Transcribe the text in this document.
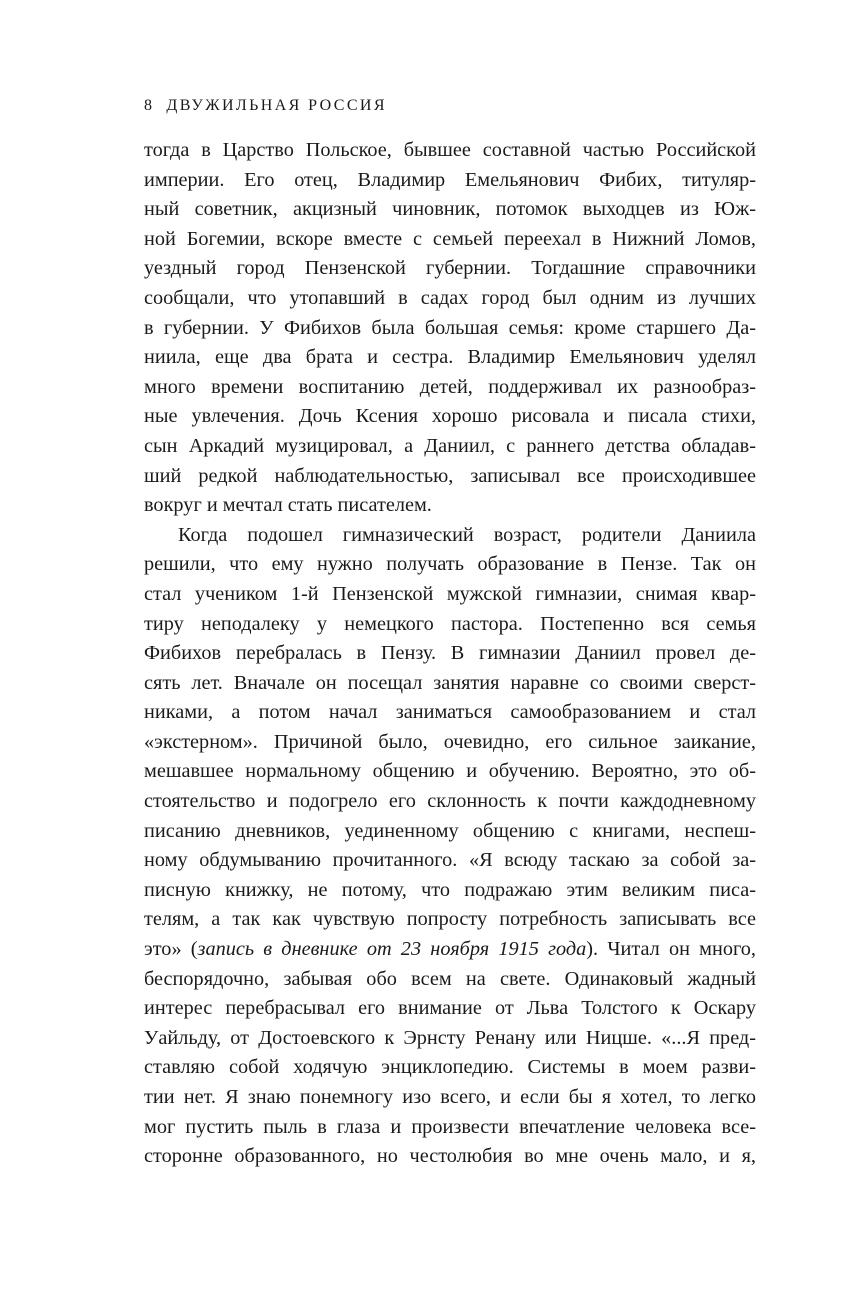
8 ДВУЖИЛЬНАЯ РОССИЯ
тогда в Царство Польское, бывшее составной частью Российской
империи. Его отец, Владимир Емельянович Фибих, титуляр-
ный советник, акцизный чиновник, потомок выходцев из Юж-
ной Богемии, вскоре вместе с семьей переехал в Нижний Ломов,
уездный город Пензенской губернии. Тогдашние справочники
сообщали, что утопавший в садах город был одним из лучших
в губернии. У Фибихов была большая семья: кроме старшего Да-
ниила, еще два брата и сестра. Владимир Емельянович уделял
много времени воспитанию детей, поддерживал их разнообраз-
ные увлечения. Дочь Ксения хорошо рисовала и писала стихи,
сын Аркадий музицировал, а Даниил, с раннего детства обладав-
ший редкой наблюдательностью, записывал все происходившее
вокруг и мечтал стать писателем.
Когда подошел гимназический возраст, родители Даниила
решили, что ему нужно получать образование в Пензе. Так он
стал учеником 1-й Пензенской мужской гимназии, снимая квар-
тиру неподалеку у немецкого пастора. Постепенно вся семья
Фибихов перебралась в Пензу. В гимназии Даниил провел де-
сять лет. Вначале он посещал занятия наравне со своими сверст-
никами, а потом начал заниматься самообразованием и стал
«экстерном». Причиной было, очевидно, его сильное заикание,
мешавшее нормальному общению и обучению. Вероятно, это об-
стоятельство и подогрело его склонность к почти каждодневному
писанию дневников, уединенному общению с книгами, неспеш-
ному обдумыванию прочитанного. «Я всюду таскаю за собой за-
писную книжку, не потому, что подражаю этим великим писа-
телям, а так как чувствую попросту потребность записывать все
это» (запись в дневнике от 23 ноября 1915 года). Читал он много,
беспорядочно, забывая обо всем на свете. Одинаковый жадный
интерес перебрасывал его внимание от Льва Толстого к Оскару
Уайльду, от Достоевского к Эрнсту Ренану или Ницше. «...Я пред-
ставляю собой ходячую энциклопедию. Системы в моем разви-
тии нет. Я знаю понемногу изо всего, и если бы я хотел, то легко
мог пустить пыль в глаза и произвести впечатление человека все-
сторонне образованного, но честолюбия во мне очень мало, и я,
